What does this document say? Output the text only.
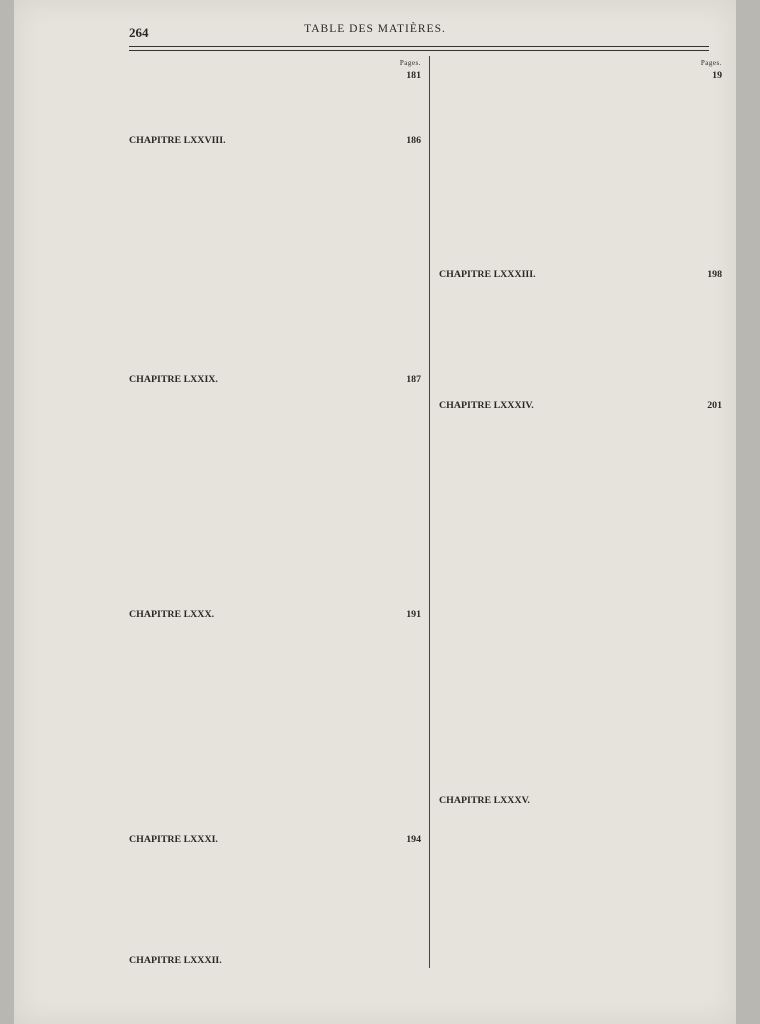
264	TABLE DES MATIÈRES.
Pages.
181
CHAPITRE LXXVIII.	186
CHAPITRE LXXIX.	187
CHAPITRE LXXX.	191
CHAPITRE LXXXI.	194
CHAPITRE LXXXII.
Pages.
19
CHAPITRE LXXXIII.	198
CHAPITRE LXXXIV.	201
CHAPITRE LXXXV.
